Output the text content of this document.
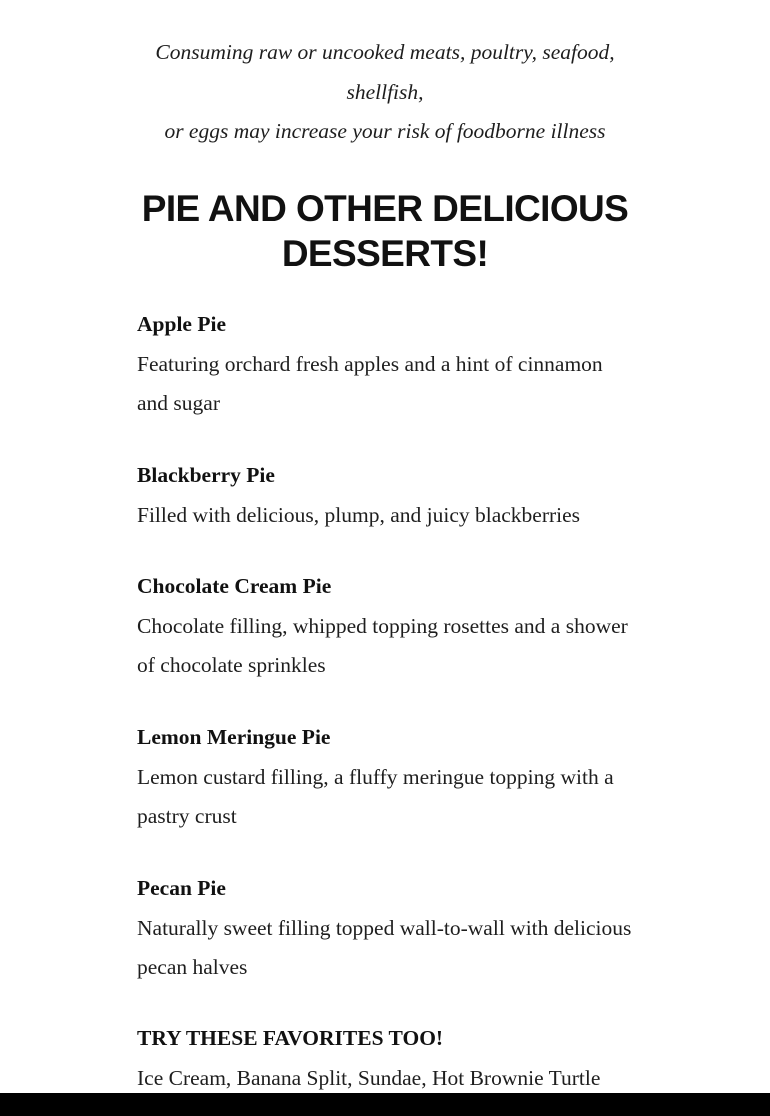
Consuming raw or uncooked meats, poultry, seafood,

shellfish,

or eggs may increase your risk of foodborne illness

PIE AND OTHER DELICIOUS DESSERTS!
Apple Pie
Featuring orchard fresh apples and a hint of cinnamon and sugar
Blackberry Pie
Filled with delicious, plump, and juicy blackberries
Chocolate Cream Pie
Chocolate filling, whipped topping rosettes and a shower of chocolate sprinkles
Lemon Meringue Pie
Lemon custard filling, a fluffy meringue topping with a pastry crust
Pecan Pie
Naturally sweet filling topped wall-to-wall with delicious pecan halves
TRY THESE FAVORITES TOO!
Ice Cream, Banana Split, Sundae, Hot Brownie Turtle
